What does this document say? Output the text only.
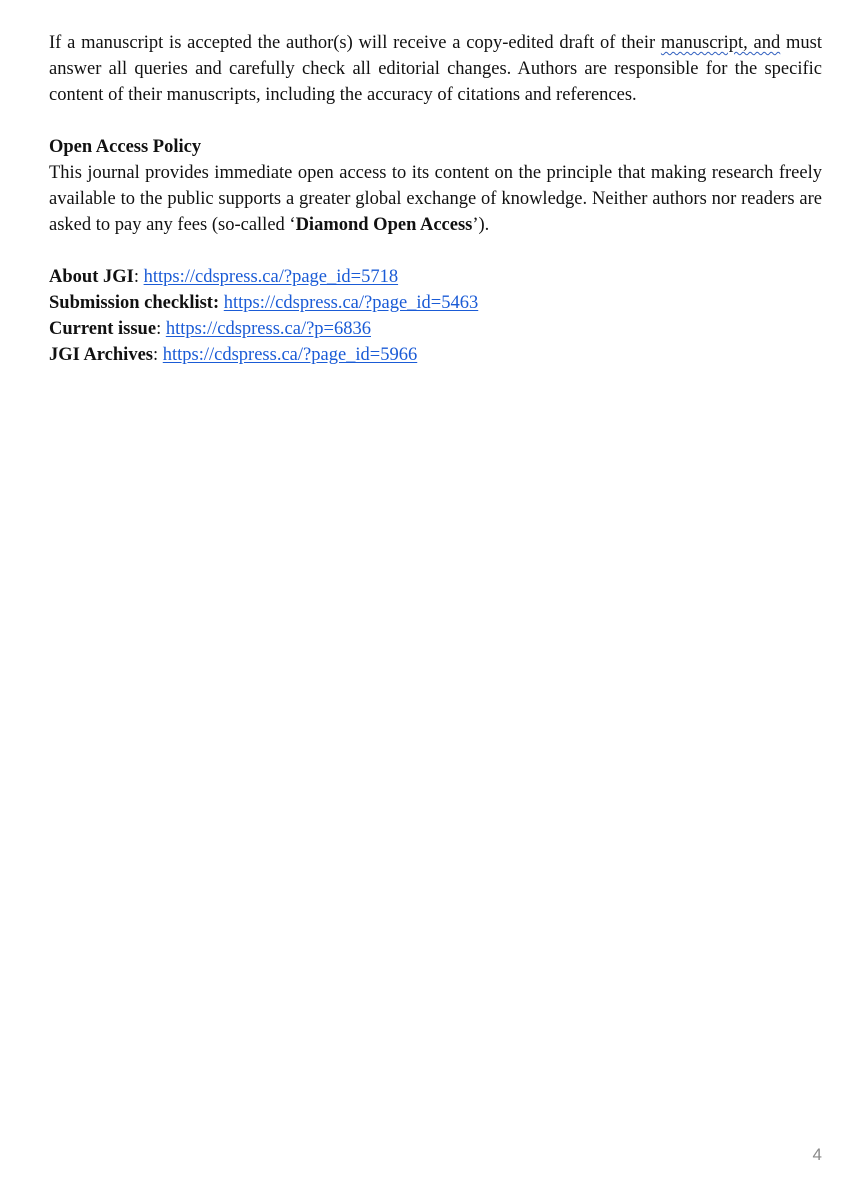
If a manuscript is accepted the author(s) will receive a copy-edited draft of their manuscript, and must answer all queries and carefully check all editorial changes. Authors are responsible for the specific content of their manuscripts, including the accuracy of citations and references.

Open Access Policy

This journal provides immediate open access to its content on the principle that making research freely available to the public supports a greater global exchange of knowledge. Neither authors nor readers are asked to pay any fees (so-called ‘Diamond Open Access’).

About JGI: https://cdspress.ca/?page_id=5718

Submission checklist: https://cdspress.ca/?page_id=5463

Current issue: https://cdspress.ca/?p=6836

JGI Archives: https://cdspress.ca/?page_id=5966

4
